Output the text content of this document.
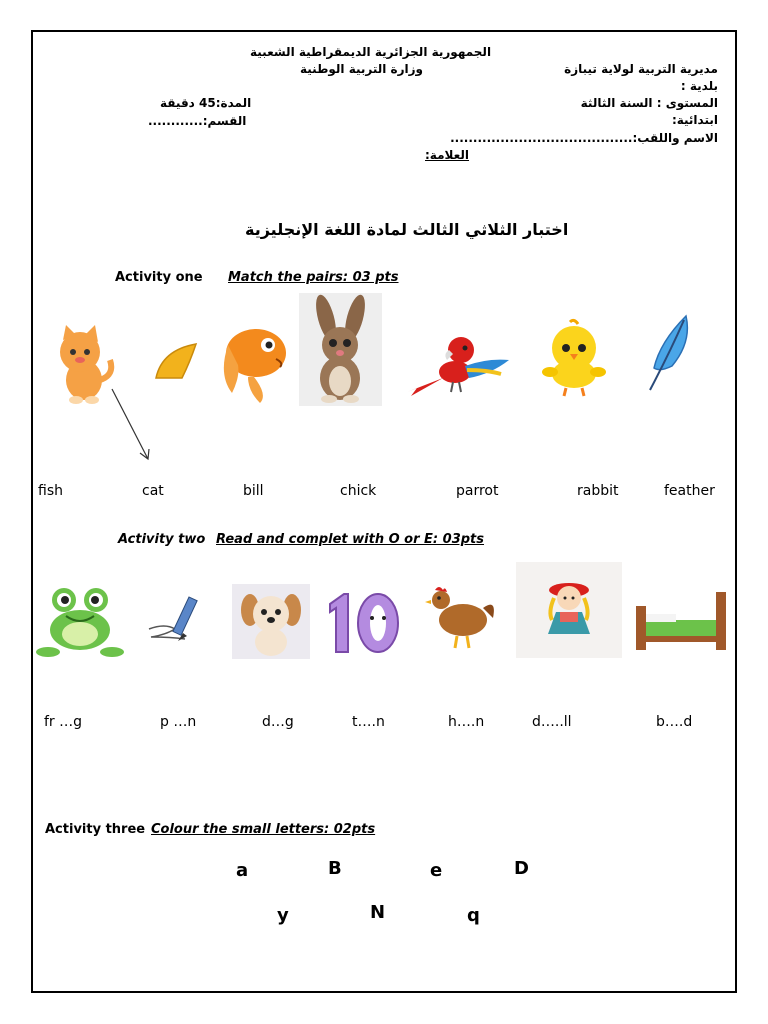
الجمهورية الجزائرية الديمقراطية الشعبية
وزارة التربية الوطنية	مديرية التربية لولاية تيبازة
بلدية :
المستوى : السنة الثالثة
ابتدائية:
الاسم واللقب:........................................
المدة:45 دقيقة
القسم:............
العلامة:
اختبار الثلاثي الثالث لمادة اللغة الإنجليزية
Activity one Match the pairs: 03 pts
fish	cat	bill	chick	parrot	rabbit	feather
Activity two Read and complet with O or E: 03pts
fr …g	p …n	d…g	t….n	h….n	d…..ll	b….d
Activity three Colour the small letters: 02pts
a	B	e	D
y	N	q
